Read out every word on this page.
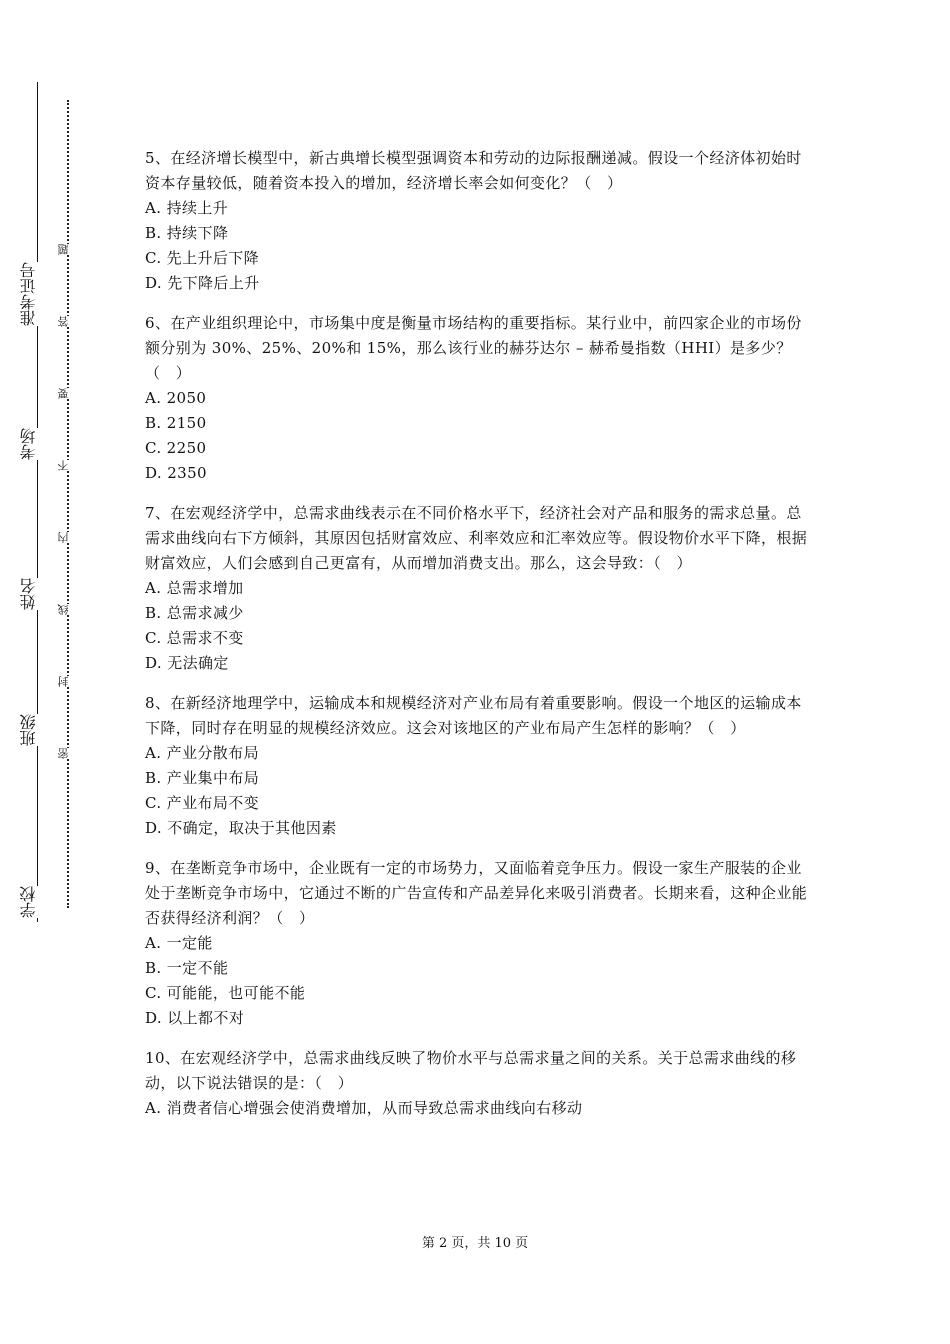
准考证号
考场
姓名
班级
学校
题
答
要
不
内
线
封
密

5、在经济增长模型中，新古典增长模型强调资本和劳动的边际报酬递减。假设一个经济体初始时资本存量较低，随着资本投入的增加，经济增长率会如何变化？（　）

A. 持续上升

B. 持续下降

C. 先上升后下降

D. 先下降后上升

6、在产业组织理论中，市场集中度是衡量市场结构的重要指标。某行业中，前四家企业的市场份额分别为 30%、25%、20%和 15%，那么该行业的赫芬达尔 – 赫希曼指数（HHI）是多少？（　）

A. 2050

B. 2150

C. 2250

D. 2350

7、在宏观经济学中，总需求曲线表示在不同价格水平下，经济社会对产品和服务的需求总量。总需求曲线向右下方倾斜，其原因包括财富效应、利率效应和汇率效应等。假设物价水平下降，根据财富效应，人们会感到自己更富有，从而增加消费支出。那么，这会导致：（　）

A. 总需求增加

B. 总需求减少

C. 总需求不变

D. 无法确定

8、在新经济地理学中，运输成本和规模经济对产业布局有着重要影响。假设一个地区的运输成本下降，同时存在明显的规模经济效应。这会对该地区的产业布局产生怎样的影响？（　）

A. 产业分散布局

B. 产业集中布局

C. 产业布局不变

D. 不确定，取决于其他因素

9、在垄断竞争市场中，企业既有一定的市场势力，又面临着竞争压力。假设一家生产服装的企业处于垄断竞争市场中，它通过不断的广告宣传和产品差异化来吸引消费者。长期来看，这种企业能否获得经济利润？（　）

A. 一定能

B. 一定不能

C. 可能能，也可能不能

D. 以上都不对

10、在宏观经济学中，总需求曲线反映了物价水平与总需求量之间的关系。关于总需求曲线的移动，以下说法错误的是：（　）

A. 消费者信心增强会使消费增加，从而导致总需求曲线向右移动

第 2 页，共 10 页
